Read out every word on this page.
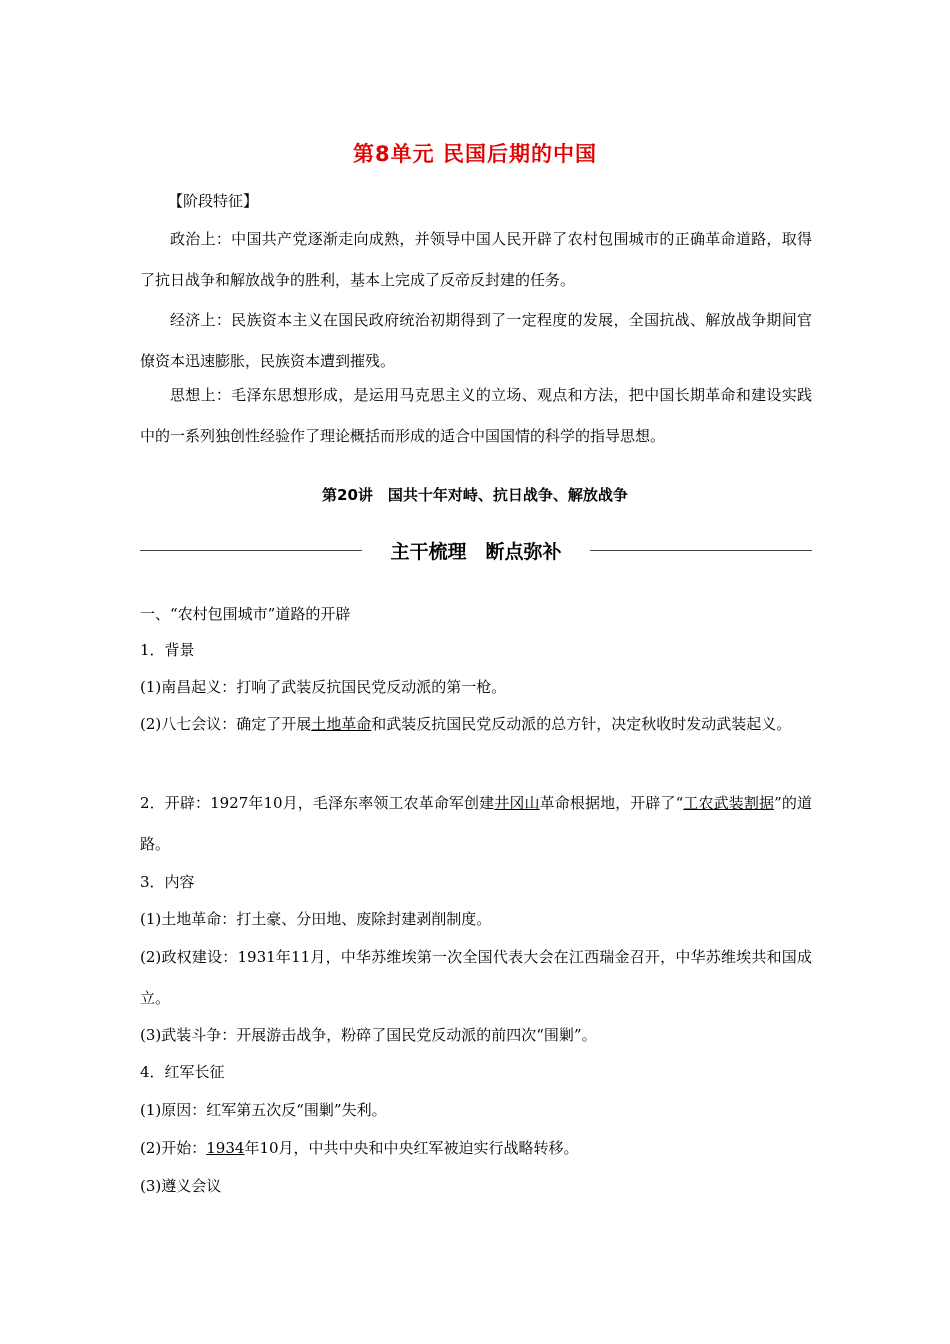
第8单元 民国后期的中国
【阶段特征】
政治上：中国共产党逐渐走向成熟，并领导中国人民开辟了农村包围城市的正确革命道路，取得了抗日战争和解放战争的胜利，基本上完成了反帝反封建的任务。
经济上：民族资本主义在国民政府统治初期得到了一定程度的发展，全国抗战、解放战争期间官僚资本迅速膨胀，民族资本遭到摧残。
思想上：毛泽东思想形成，是运用马克思主义的立场、观点和方法，把中国长期革命和建设实践中的一系列独创性经验作了理论概括而形成的适合中国国情的科学的指导思想。
第20讲　国共十年对峙、抗日战争、解放战争
主干梳理　断点弥补
一、“农村包围城市”道路的开辟
1．背景
(1)南昌起义：打响了武装反抗国民党反动派的第一枪。
(2)八七会议：确定了开展土地革命和武装反抗国民党反动派的总方针，决定秋收时发动武装起义。
2．开辟：1927年10月，毛泽东率领工农革命军创建井冈山革命根据地，开辟了“工农武装割据”的道路。
3．内容
(1)土地革命：打土豪、分田地、废除封建剥削制度。
(2)政权建设：1931年11月，中华苏维埃第一次全国代表大会在江西瑞金召开，中华苏维埃共和国成立。
(3)武装斗争：开展游击战争，粉碎了国民党反动派的前四次“围剿”。
4．红军长征
(1)原因：红军第五次反“围剿”失利。
(2)开始：1934年10月，中共中央和中央红军被迫实行战略转移。
(3)遵义会议
